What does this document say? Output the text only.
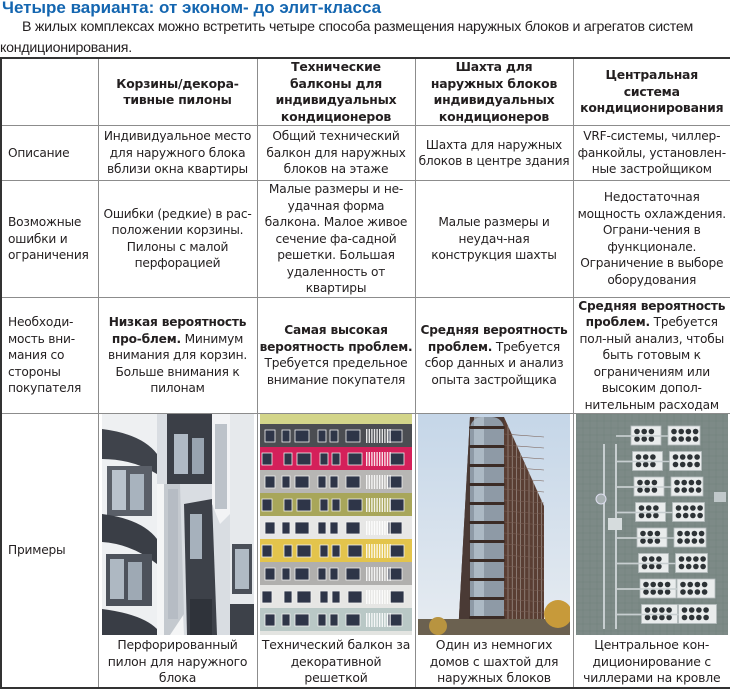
Четыре варианта: от эконом- до элит-класса
В жилых комплексах можно встретить четыре способа размещения наружных блоков и агрегатов систем кондиционирования.
	Корзины/декора-тивные пилоны	Технические балконы для индивидуальных кондиционеров	Шахта для наружных блоков индивидуальных кондиционеров	Центральная система кондиционирования
Описание	Индивидуальное место для наружного блока вблизи окна квартиры	Общий технический балкон для наружных блоков на этаже	Шахта для наружных блоков в центре здания	VRF-системы, чиллер-фанкойлы, установлен-ные застройщиком
Возможные ошибки и ограничения	Ошибки (редкие) в рас-положении корзины. Пилоны с малой перфорацией	Малые размеры и не-удачная форма балкона. Малое живое сечение фа-садной решетки. Большая удаленность от квартиры	Малые размеры и неудач-ная конструкция шахты	Недостаточная мощность охлаждения. Ограни-чения в функционале. Ограничение в выборе оборудования
Необходи-мость вни-мания со стороны покупателя	Низкая вероятность про-блем. Минимум внимания для корзин. Больше внимания к пилонам	Самая высокая вероятность проблем. Требуется предельное внимание покупателя	Средняя вероятность проблем. Требуется сбор данных и анализ опыта застройщика	Средняя вероятность проблем. Требуется пол-ный анализ, чтобы быть готовым к ограничениям или высоким допол-нительным расходам
Примеры	Перфорированный пилон для наружного блока	Технический балкон за декоративной решеткой	Один из немногих домов с шахтой для наружных блоков	Центральное кон-диционирование с чиллерами на кровле
